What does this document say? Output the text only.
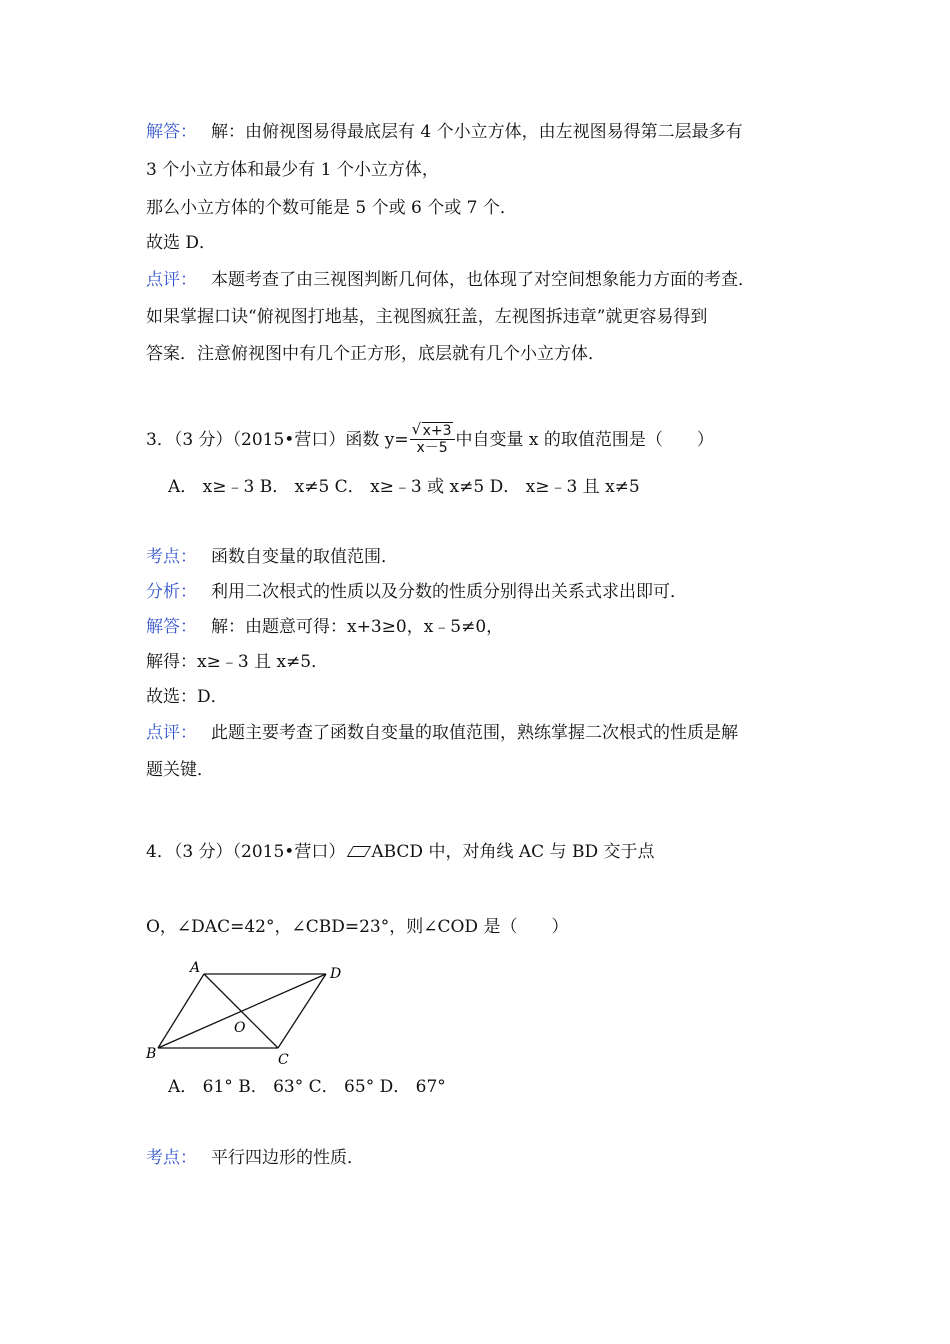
解答： 解：由俯视图易得最底层有 4 个小立方体，由左视图易得第二层最多有
3 个小立方体和最少有 1 个小立方体，
那么小立方体的个数可能是 5 个或 6 个或 7 个．
故选 D．
点评： 本题考查了由三视图判断几何体，也体现了对空间想象能力方面的考查．
如果掌握口诀“俯视图打地基，主视图疯狂盖，左视图拆违章”就更容易得到
答案．注意俯视图中有几个正方形，底层就有几个小立方体．
3．（3 分）（2015•营口）函数 $y= \frac{√ x+3}{x-5}$ 中自变量 x 的取值范围是（　　）
A． x≥﹣3 B． x≠5 C． x≥﹣3 或 x≠5 D． x≥﹣3 且 x≠5
考点： 函数自变量的取值范围．
分析： 利用二次根式的性质以及分数的性质分别得出关系式求出即可．
解答： 解：由题意可得：x+3≥0，x﹣5≠0，
解得：x≥﹣3 且 x≠5．
故选：D．
点评： 此题主要考查了函数自变量的取值范围，熟练掌握二次根式的性质是解
题关键．
4．（3 分）（2015•营口） ABCD 中，对角线 AC 与 BD 交于点
O，∠DAC=42°，∠CBD=23°，则∠COD 是（　　）
A	D
B	C
O
A． 61° B． 63° C． 65° D． 67°
考点： 平行四边形的性质．
